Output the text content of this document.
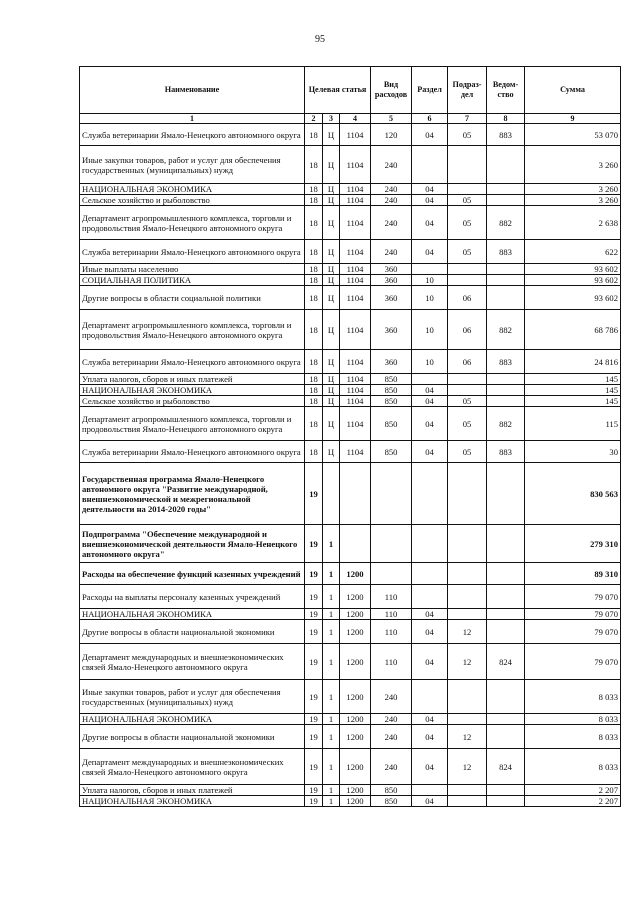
95
Наименование	Целевая статья			Вид расходов	Раздел	Подраз-дел	Ведом-ство	Сумма
1	2	3	4	5	6	7	8	9
Служба ветеринарии Ямало-Ненецкого автономного округа	18	Ц	1104	120	04	05	883	53 070
Иные закупки товаров, работ и услуг для обеспечения государственных (муниципальных) нужд	18	Ц	1104	240				3 260
НАЦИОНАЛЬНАЯ ЭКОНОМИКА	18	Ц	1104	240	04			3 260
Сельское хозяйство и рыболовство	18	Ц	1104	240	04	05		3 260
Департамент агропромышленного комплекса, торговли и продовольствия Ямало-Ненецкого автономного округа	18	Ц	1104	240	04	05	882	2 638
Служба ветеринарии Ямало-Ненецкого автономного округа	18	Ц	1104	240	04	05	883	622
Иные выплаты населению	18	Ц	1104	360				93 602
СОЦИАЛЬНАЯ ПОЛИТИКА	18	Ц	1104	360	10			93 602
Другие вопросы в области социальной политики	18	Ц	1104	360	10	06		93 602
Департамент агропромышленного комплекса, торговли и продовольствия Ямало-Ненецкого автономного округа	18	Ц	1104	360	10	06	882	68 786
Служба ветеринарии Ямало-Ненецкого автономного округа	18	Ц	1104	360	10	06	883	24 816
Уплата налогов, сборов и иных платежей	18	Ц	1104	850				145
НАЦИОНАЛЬНАЯ ЭКОНОМИКА	18	Ц	1104	850	04			145
Сельское хозяйство и рыболовство	18	Ц	1104	850	04	05		145
Департамент агропромышленного комплекса, торговли и продовольствия Ямало-Ненецкого автономного округа	18	Ц	1104	850	04	05	882	115
Служба ветеринарии Ямало-Ненецкого автономного округа	18	Ц	1104	850	04	05	883	30
Государственная программа Ямало-Ненецкого автономного округа "Развитие международной, внешнеэкономической и межрегиональной деятельности на 2014-2020 годы"	19							830 563
Подпрограмма "Обеспечение международной и внешнеэкономической деятельности Ямало-Ненецкого автономного округа"	19	1						279 310
Расходы на обеспечение функций казенных учреждений	19	1	1200					89 310
Расходы на выплаты персоналу казенных учреждений	19	1	1200	110				79 070
НАЦИОНАЛЬНАЯ ЭКОНОМИКА	19	1	1200	110	04			79 070
Другие вопросы в области национальной экономики	19	1	1200	110	04	12		79 070
Департамент международных и внешнеэкономических связей Ямало-Ненецкого автономного округа	19	1	1200	110	04	12	824	79 070
Иные закупки товаров, работ и услуг для обеспечения государственных (муниципальных) нужд	19	1	1200	240				8 033
НАЦИОНАЛЬНАЯ ЭКОНОМИКА	19	1	1200	240	04			8 033
Другие вопросы в области национальной экономики	19	1	1200	240	04	12		8 033
Департамент международных и внешнеэкономических связей Ямало-Ненецкого автономного округа	19	1	1200	240	04	12	824	8 033
Уплата налогов, сборов и иных платежей	19	1	1200	850				2 207
НАЦИОНАЛЬНАЯ ЭКОНОМИКА	19	1	1200	850	04			2 207
